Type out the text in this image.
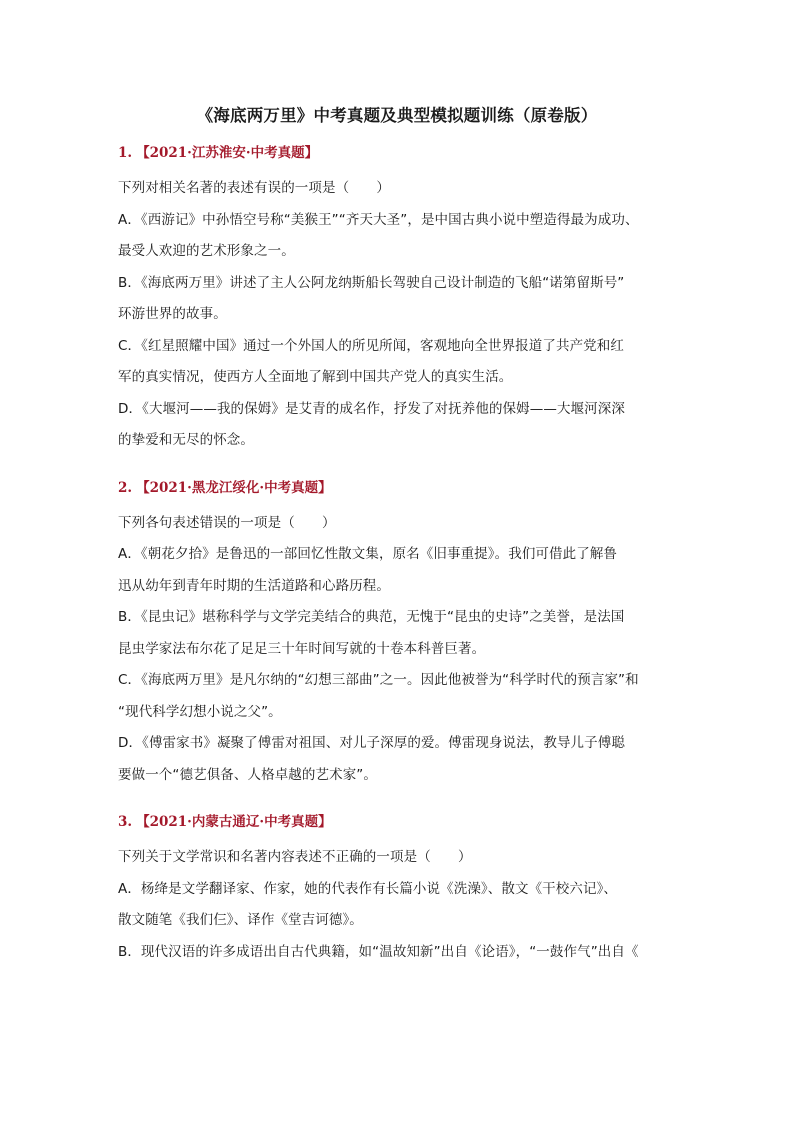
《海底两万里》中考真题及典型模拟题训练（原卷版）

1. 【2021·江苏淮安·中考真题】

下列对相关名著的表述有误的一项是（　　）

A．《西游记》中孙悟空号称“美猴王”“齐天大圣”，是中国古典小说中塑造得最为成功、
最受人欢迎的艺术形象之一。

B．《海底两万里》讲述了主人公阿龙纳斯船长驾驶自己设计制造的飞船“诺第留斯号”
环游世界的故事。

C．《红星照耀中国》通过一个外国人的所见所闻，客观地向全世界报道了共产党和红
军的真实情况，使西方人全面地了解到中国共产党人的真实生活。

D．《大堰河——我的保姆》是艾青的成名作，抒发了对抚养他的保姆——大堰河深深
的挚爱和无尽的怀念。

2. 【2021·黑龙江绥化·中考真题】

下列各句表述错误的一项是（　　）

A．《朝花夕拾》是鲁迅的一部回忆性散文集，原名《旧事重提》。我们可借此了解鲁
迅从幼年到青年时期的生活道路和心路历程。

B．《昆虫记》堪称科学与文学完美结合的典范，无愧于“昆虫的史诗”之美誉，是法国
昆虫学家法布尔花了足足三十年时间写就的十卷本科普巨著。

C．《海底两万里》是凡尔纳的“幻想三部曲”之一。因此他被誉为“科学时代的预言家”和
“现代科学幻想小说之父”。

D．《傅雷家书》凝聚了傅雷对祖国、对儿子深厚的爱。傅雷现身说法，教导儿子傅聪
要做一个“德艺俱备、人格卓越的艺术家”。

3. 【2021·内蒙古通辽·中考真题】

下列关于文学常识和名著内容表述不正确的一项是（　　）

A．杨绛是文学翻译家、作家，她的代表作有长篇小说《洗澡》、散文《干校六记》、
散文随笔《我们仨》、译作《堂吉诃德》。

B．现代汉语的许多成语出自古代典籍，如“温故知新”出自《论语》，“一鼓作气”出自《
